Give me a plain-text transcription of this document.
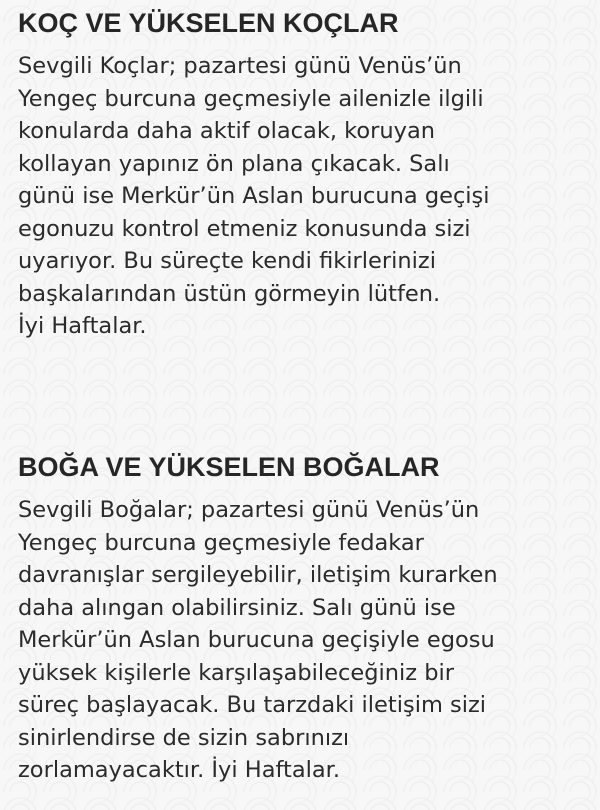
KOÇ VE YÜKSELEN KOÇLAR

Sevgili Koçlar; pazartesi günü Venüs’ün
Yengeç burcuna geçmesiyle ailenizle ilgili
konularda daha aktif olacak, koruyan
kollayan yapınız ön plana çıkacak. Salı
günü ise Merkür’ün Aslan burucuna geçişi
egonuzu kontrol etmeniz konusunda sizi
uyarıyor. Bu süreçte kendi fikirlerinizi
başkalarından üstün görmeyin lütfen.
İyi Haftalar.

BOĞA VE YÜKSELEN BOĞALAR

Sevgili Boğalar; pazartesi günü Venüs’ün
Yengeç burcuna geçmesiyle fedakar
davranışlar sergileyebilir, iletişim kurarken
daha alıngan olabilirsiniz. Salı günü ise
Merkür’ün Aslan burucuna geçişiyle egosu
yüksek kişilerle karşılaşabileceğiniz bir
süreç başlayacak. Bu tarzdaki iletişim sizi
sinirlendirse de sizin sabrınızı
zorlamayacaktır. İyi Haftalar.
